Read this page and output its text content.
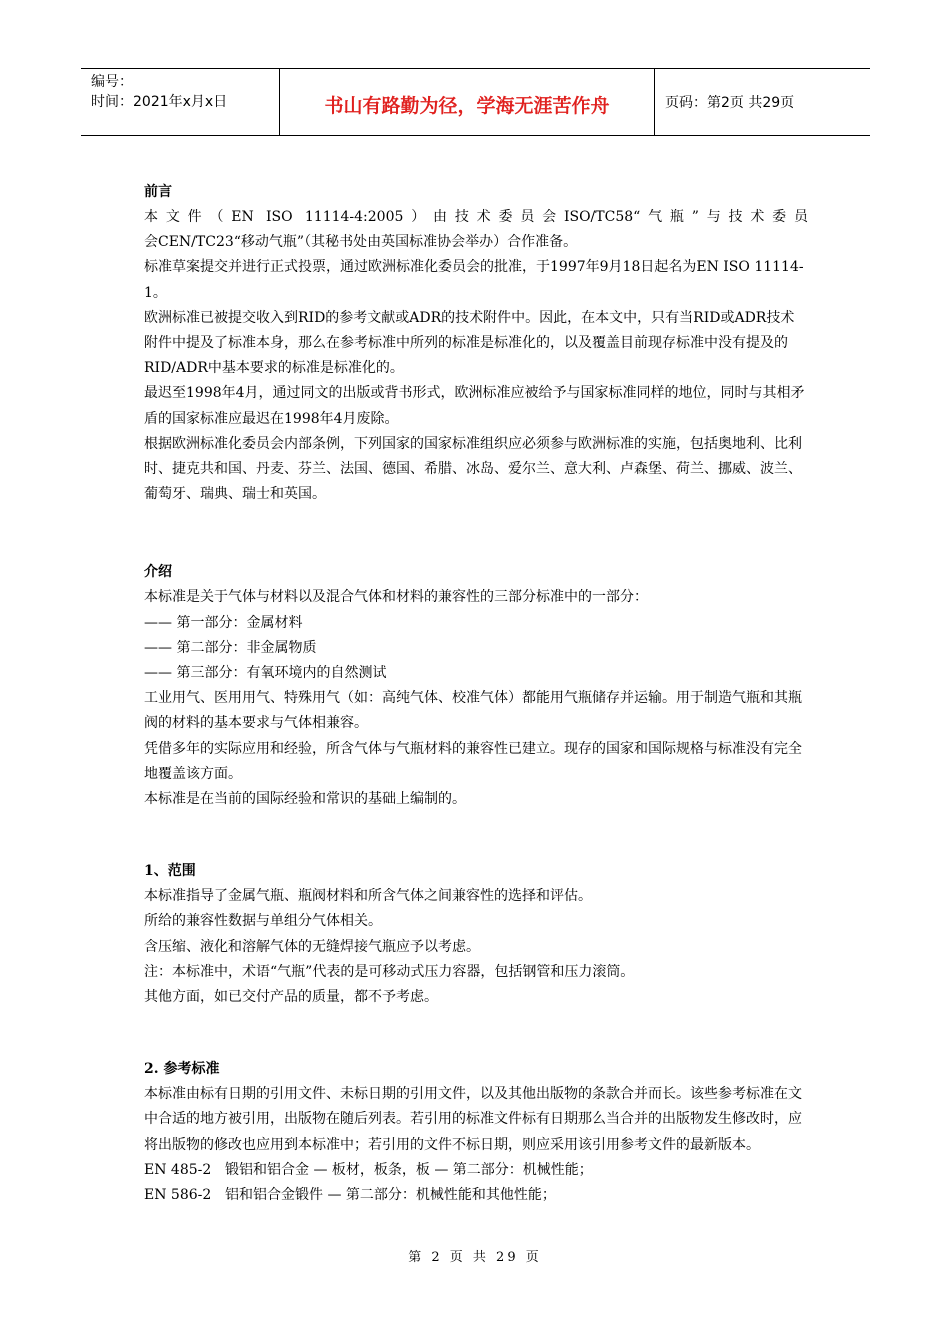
编号：
时间：2021年x月x日	书山有路勤为径，学海无涯苦作舟	页码：第2页 共29页
前言
本文件（EN ISO 11114-4:2005）由技术委员会ISO/TC58“气瓶”与技术委员
会CEN/TC23“移动气瓶”（其秘书处由英国标准协会举办）合作准备。
标准草案提交并进行正式投票，通过欧洲标准化委员会的批准，于1997年9月18日起名为EN ISO 11114-1。
欧洲标准已被提交收入到RID的参考文献或ADR的技术附件中。因此，在本文中，只有当RID或ADR技术附件中提及了标准本身，那么在参考标准中所列的标准是标准化的，以及覆盖目前现存标准中没有提及的RID/ADR中基本要求的标准是标准化的。
最迟至1998年4月，通过同文的出版或背书形式，欧洲标准应被给予与国家标准同样的地位，同时与其相矛盾的国家标准应最迟在1998年4月废除。
根据欧洲标准化委员会内部条例，下列国家的国家标准组织应必须参与欧洲标准的实施，包括奥地利、比利时、捷克共和国、丹麦、芬兰、法国、德国、希腊、冰岛、爱尔兰、意大利、卢森堡、荷兰、挪威、波兰、葡萄牙、瑞典、瑞士和英国。
介绍
本标准是关于气体与材料以及混合气体和材料的兼容性的三部分标准中的一部分：
—— 第一部分：金属材料
—— 第二部分：非金属物质
—— 第三部分：有氧环境内的自然测试
工业用气、医用用气、特殊用气（如：高纯气体、校准气体）都能用气瓶储存并运输。用于制造气瓶和其瓶阀的材料的基本要求与气体相兼容。
凭借多年的实际应用和经验，所含气体与气瓶材料的兼容性已建立。现存的国家和国际规格与标准没有完全地覆盖该方面。
本标准是在当前的国际经验和常识的基础上编制的。
1、范围
本标准指导了金属气瓶、瓶阀材料和所含气体之间兼容性的选择和评估。
所给的兼容性数据与单组分气体相关。
含压缩、液化和溶解气体的无缝焊接气瓶应予以考虑。
注：本标准中，术语“气瓶”代表的是可移动式压力容器，包括钢管和压力滚筒。
其他方面，如已交付产品的质量，都不予考虑。
2. 参考标准
本标准由标有日期的引用文件、未标日期的引用文件，以及其他出版物的条款合并而长。该些参考标准在文中合适的地方被引用，出版物在随后列表。若引用的标准文件标有日期那么当合并的出版物发生修改时，应将出版物的修改也应用到本标准中；若引用的文件不标日期，则应采用该引用参考文件的最新版本。
EN 485-2 锻铝和铝合金 — 板材，板条，板 — 第二部分：机械性能；
EN 586-2 铝和铝合金锻件 — 第二部分：机械性能和其他性能；
第 2 页 共 29 页
